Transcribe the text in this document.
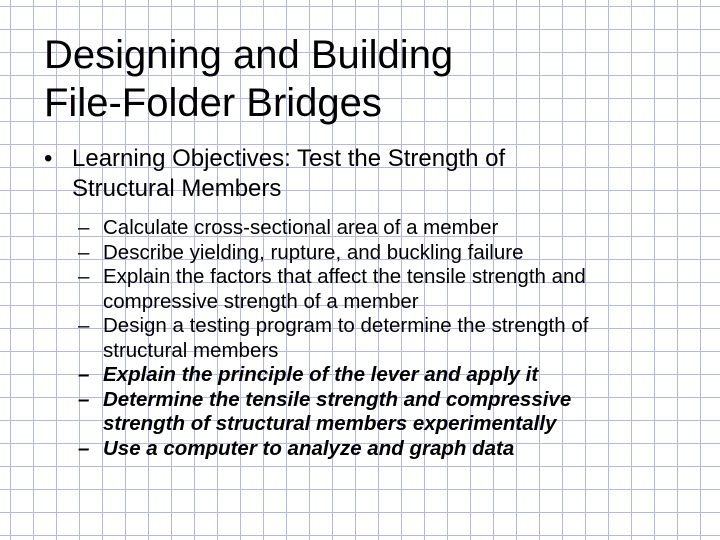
Designing and Building
File-Folder Bridges
• Learning Objectives: Test the Strength of
Structural Members
– Calculate cross-sectional area of a member
– Describe yielding, rupture, and buckling failure
– Explain the factors that affect the tensile strength and
compressive strength of a member
– Design a testing program to determine the strength of
structural members
– Explain the principle of the lever and apply it
– Determine the tensile strength and compressive
strength of structural members experimentally
– Use a computer to analyze and graph data
